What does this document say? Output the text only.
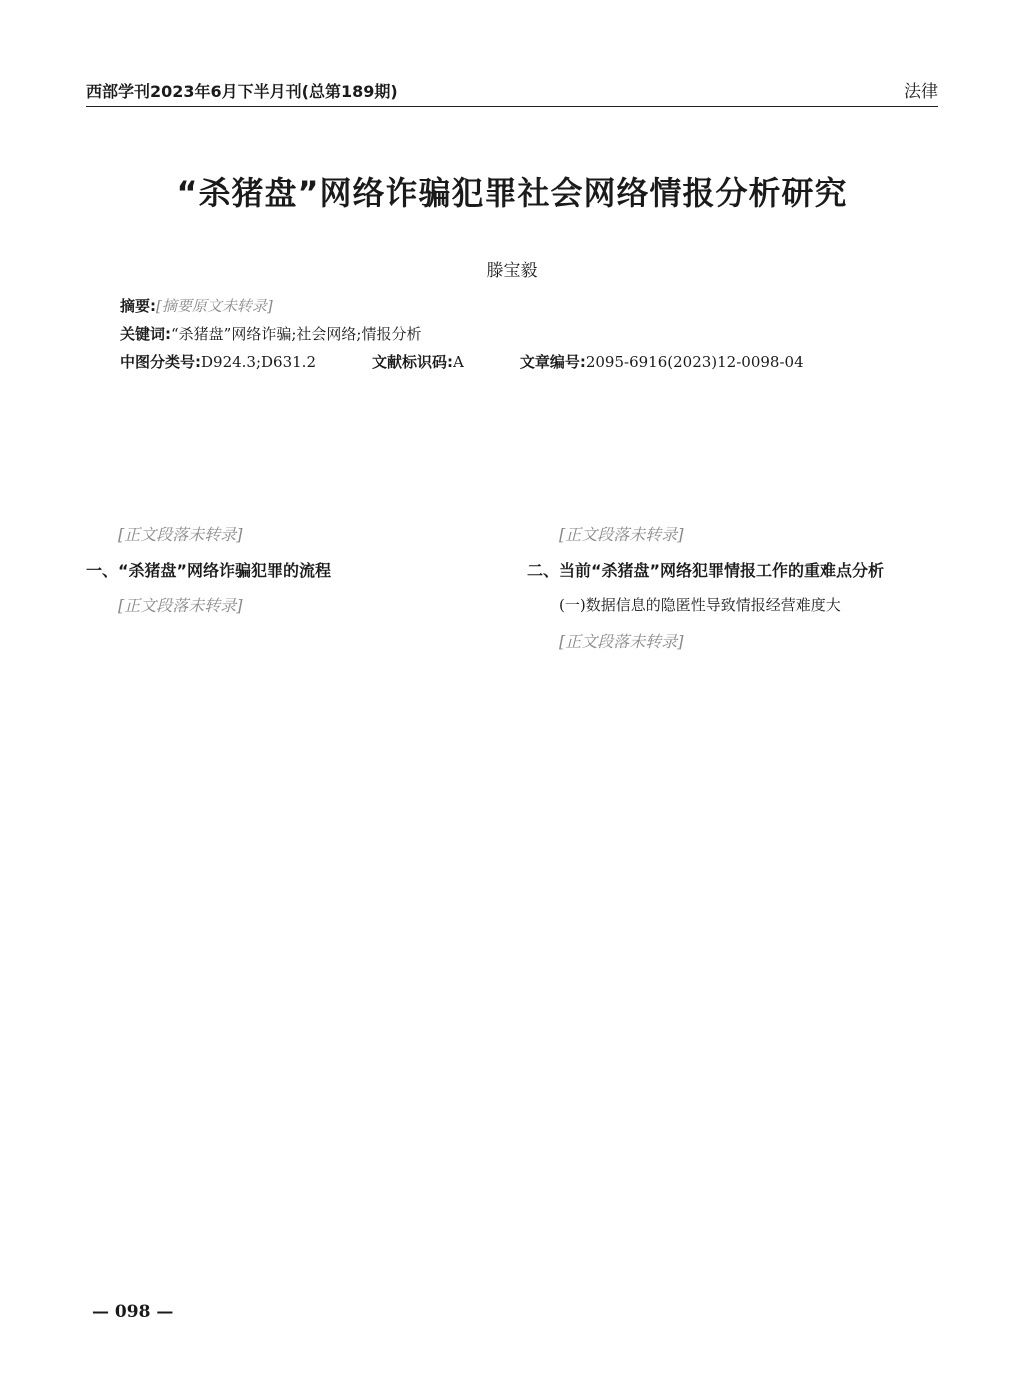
西部学刊2023年6月下半月刊(总第189期)	法律
“杀猪盘”网络诈骗犯罪社会网络情报分析研究
滕宝毅

摘要:[摘要原文未转录]

关键词:“杀猪盘”网络诈骗;社会网络;情报分析

中图分类号:D924.3;D631.2	文献标识码:A	文章编号:2095-6916(2023)12-0098-04

[正文段落未转录]

一、“杀猪盘”网络诈骗犯罪的流程

[正文段落未转录]

[正文段落未转录]

二、当前“杀猪盘”网络犯罪情报工作的重难点分析
(一)数据信息的隐匿性导致情报经营难度大

[正文段落未转录]

— 098 —
